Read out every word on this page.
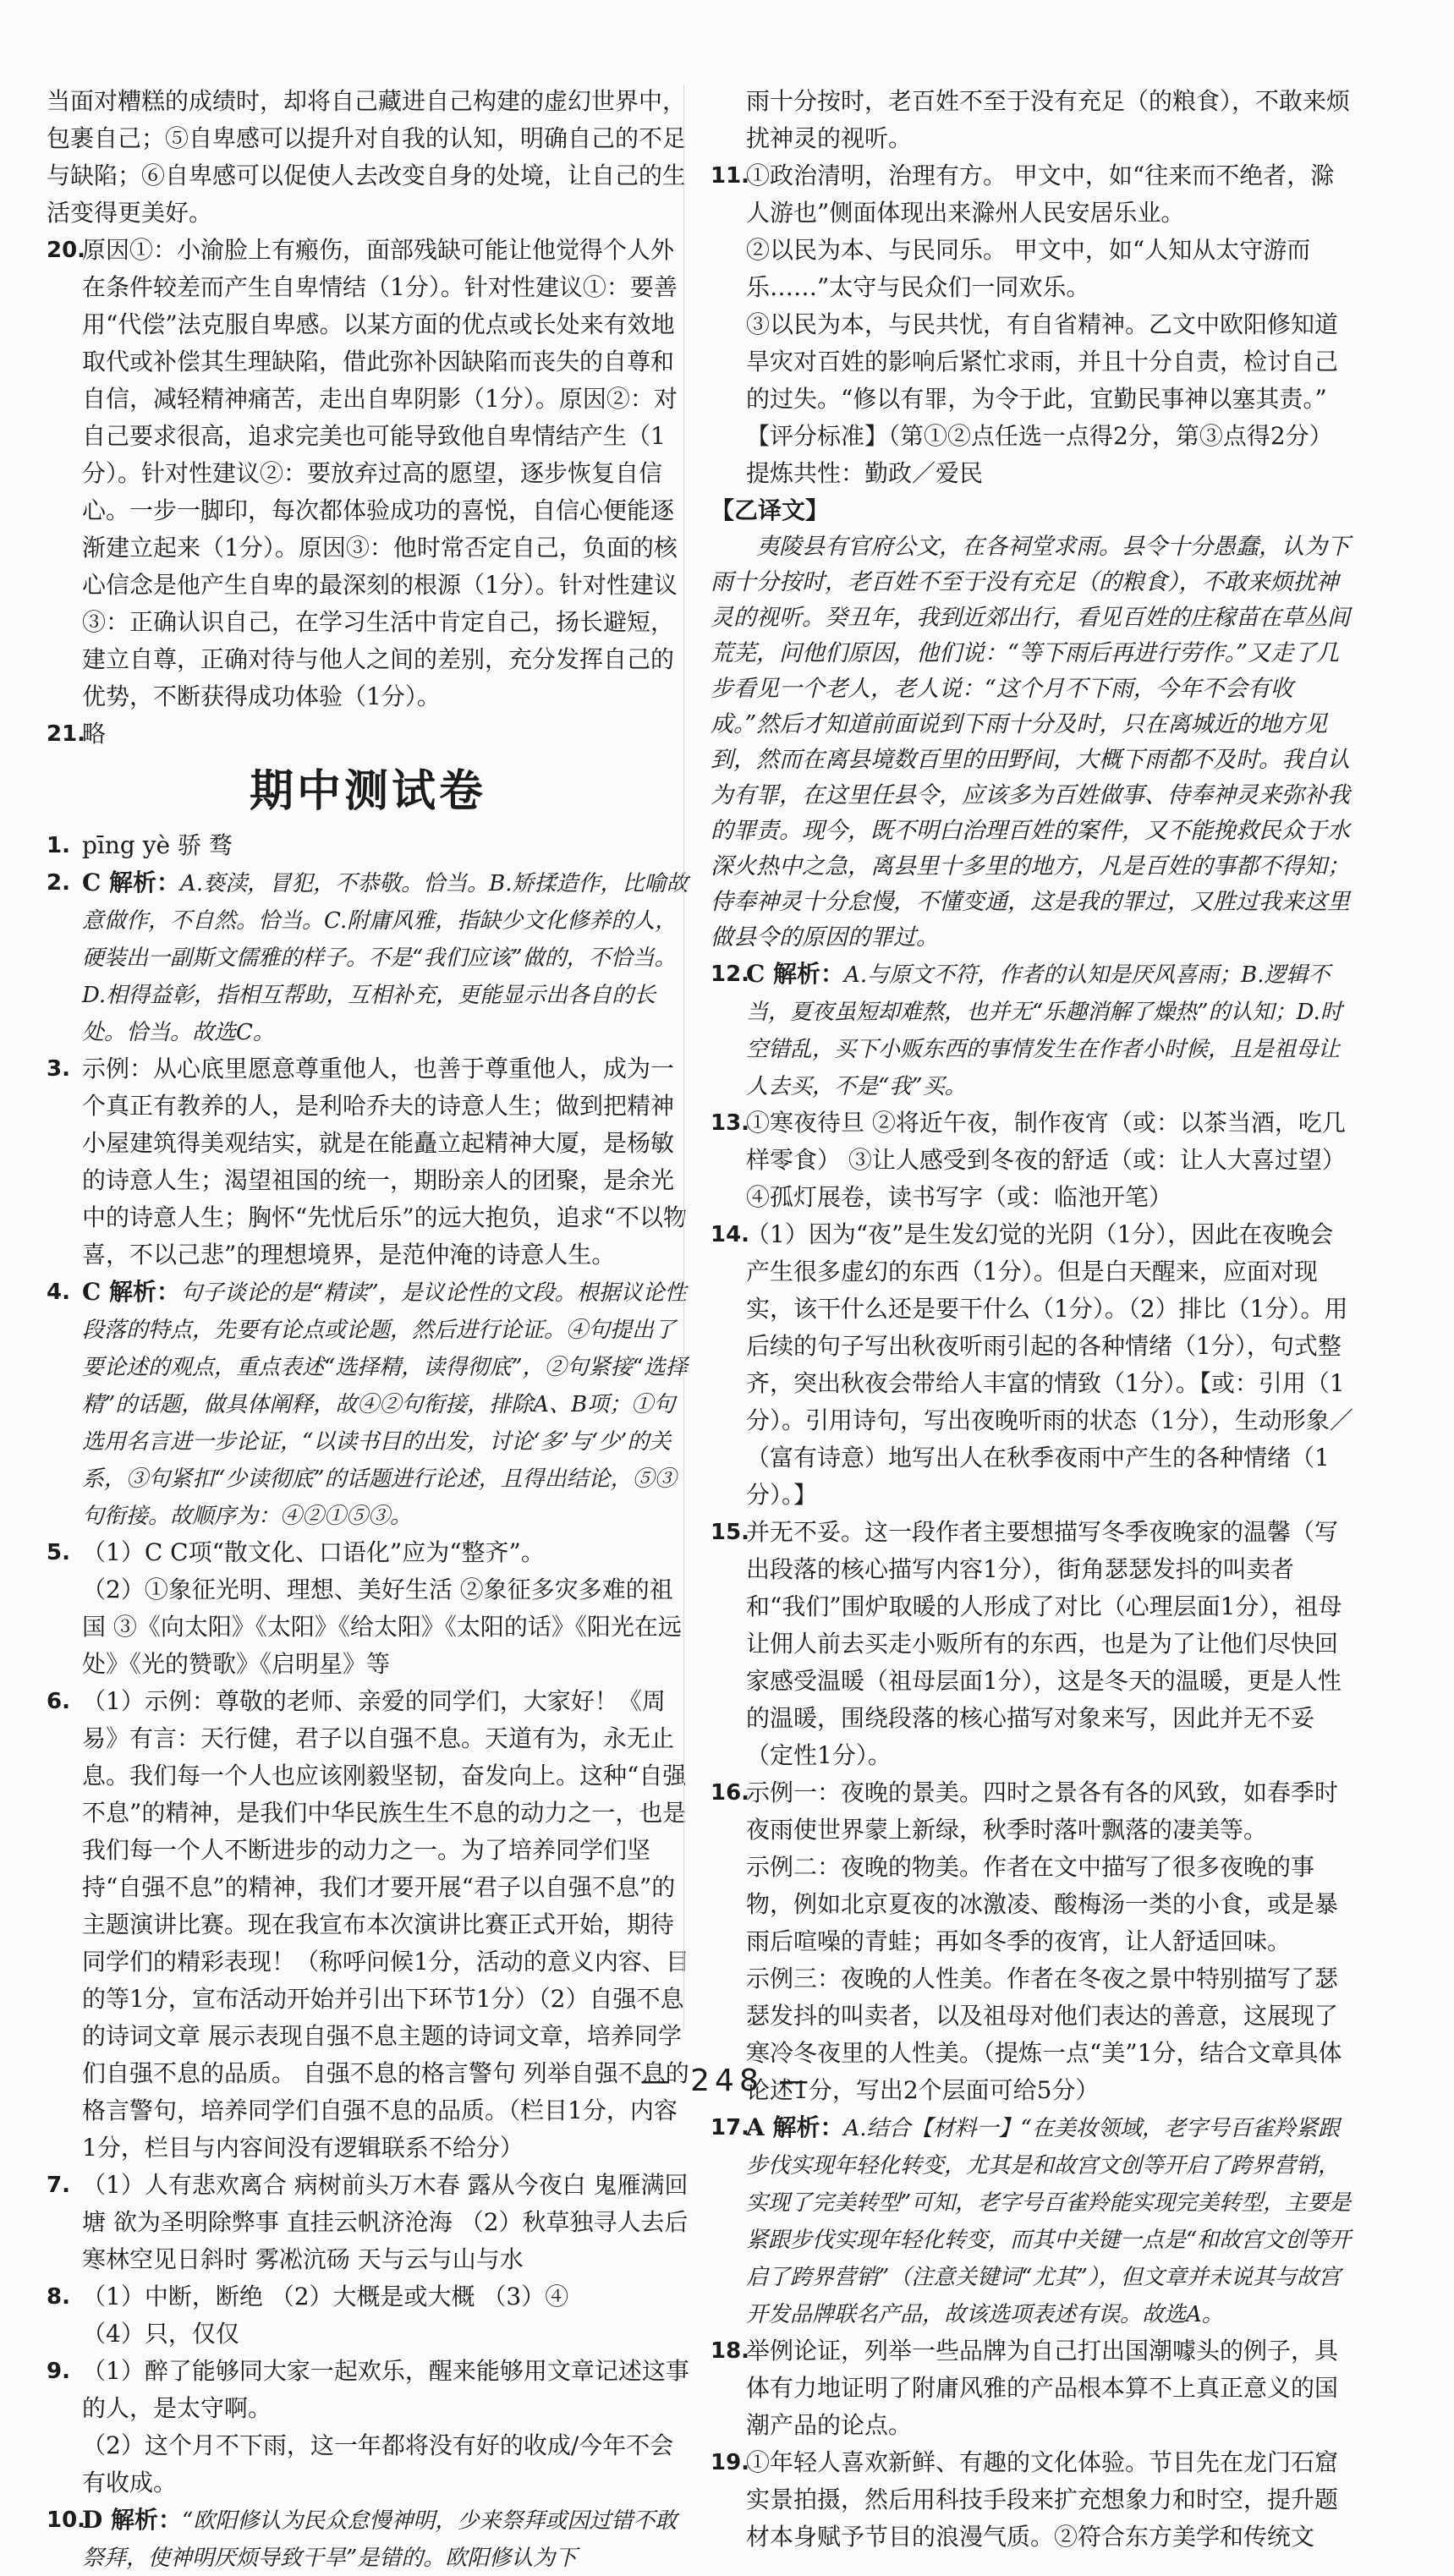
当面对糟糕的成绩时，却将自己藏进自己构建的虚幻世界中，包裹自己；⑤自卑感可以提升对自我的认知，明确自己的不足与缺陷；⑥自卑感可以促使人去改变自身的处境，让自己的生活变得更美好。

20.
原因①：小渝脸上有瘢伤，面部残缺可能让他觉得个人外在条件较差而产生自卑情结（1分）。针对性建议①：要善用“代偿”法克服自卑感。以某方面的优点或长处来有效地取代或补偿其生理缺陷，借此弥补因缺陷而丧失的自尊和自信，减轻精神痛苦，走出自卑阴影（1分）。原因②：对自己要求很高，追求完美也可能导致他自卑情结产生（1分）。针对性建议②：要放弃过高的愿望，逐步恢复自信心。一步一脚印，每次都体验成功的喜悦，自信心便能逐渐建立起来（1分）。原因③：他时常否定自己，负面的核心信念是他产生自卑的最深刻的根源（1分）。针对性建议③：正确认识自己，在学习生活中肯定自己，扬长避短，建立自尊，正确对待与他人之间的差别，充分发挥自己的优势，不断获得成功体验（1分）。
21.
略
期中测试卷
1. pīng yè 骄 骛
2. C 解析：A.亵渎，冒犯，不恭敬。恰当。B.矫揉造作，比喻故意做作，不自然。恰当。C.附庸风雅，指缺少文化修养的人，硬装出一副斯文儒雅的样子。不是“我们应该”做的，不恰当。D.相得益彰，指相互帮助，互相补充，更能显示出各自的长处。恰当。故选C。
3. 示例：从心底里愿意尊重他人，也善于尊重他人，成为一个真正有教养的人，是利哈乔夫的诗意人生；做到把精神小屋建筑得美观结实，就是在能矗立起精神大厦，是杨敏的诗意人生；渴望祖国的统一，期盼亲人的团聚，是余光中的诗意人生；胸怀“先忧后乐”的远大抱负，追求“不以物喜，不以己悲”的理想境界，是范仲淹的诗意人生。
4. C 解析：句子谈论的是“精读”，是议论性的文段。根据议论性段落的特点，先要有论点或论题，然后进行论证。④句提出了要论述的观点，重点表述“选择精，读得彻底”，②句紧接“选择精”的话题，做具体阐释，故④②句衔接，排除A、B项；①句选用名言进一步论证，“以读书目的出发，讨论‘多’与‘少’的关系，③句紧扣“少读彻底”的话题进行论述，且得出结论，⑤③句衔接。故顺序为：④②①⑤③。
5. （1）C C项“散文化、口语化”应为“整齐”。
（2）①象征光明、理想、美好生活 ②象征多灾多难的祖国 ③《向太阳》《太阳》《给太阳》《太阳的话》《阳光在远处》《光的赞歌》《启明星》等
6. （1）示例：尊敬的老师、亲爱的同学们，大家好！《周易》有言：天行健，君子以自强不息。天道有为，永无止息。我们每一个人也应该刚毅坚韧，奋发向上。这种“自强不息”的精神，是我们中华民族生生不息的动力之一，也是我们每一个人不断进步的动力之一。为了培养同学们坚持“自强不息”的精神，我们才要开展“君子以自强不息”的主题演讲比赛。现在我宣布本次演讲比赛正式开始，期待同学们的精彩表现！（称呼问候1分，活动的意义内容、目的等1分，宣布活动开始并引出下环节1分）（2）自强不息的诗词文章 展示表现自强不息主题的诗词文章，培养同学们自强不息的品质。 自强不息的格言警句 列举自强不息的格言警句，培养同学们自强不息的品质。（栏目1分，内容1分，栏目与内容间没有逻辑联系不给分）
7. （1）人有悲欢离合 病树前头万木春 露从今夜白 鬼雁满回塘 欲为圣明除弊事 直挂云帆济沧海 （2）秋草独寻人去后 寒林空见日斜时 雾凇沆砀 天与云与山与水
8. （1）中断，断绝 （2）大概是或大概 （3）④
（4）只，仅仅
9. （1）醉了能够同大家一起欢乐，醒来能够用文章记述这事的人，是太守啊。
（2）这个月不下雨，这一年都将没有好的收成/今年不会有收成。
10.
D 解析：“欧阳修认为民众怠慢神明，少来祭拜或因过错不敢祭拜，使神明厌烦导致干旱”是错的。欧阳修认为下

雨十分按时，老百姓不至于没有充足（的粮食），不敢来烦扰神灵的视听。

11.
①政治清明，治理有方。 甲文中，如“往来而不绝者，滁人游也”侧面体现出来滁州人民安居乐业。
②以民为本、与民同乐。 甲文中，如“人知从太守游而乐……”太守与民众们一同欢乐。
③以民为本，与民共忧，有自省精神。乙文中欧阳修知道旱灾对百姓的影响后紧忙求雨，并且十分自责，检讨自己的过失。“修以有罪，为令于此，宜勤民事神以塞其责。”
【评分标准】（第①②点任选一点得2分，第③点得2分）
提炼共性：勤政／爱民
【乙译文】

夷陵县有官府公文，在各祠堂求雨。县令十分愚蠢，认为下雨十分按时，老百姓不至于没有充足（的粮食），不敢来烦扰神灵的视听。癸丑年，我到近郊出行，看见百姓的庄稼苗在草丛间荒芜，问他们原因，他们说：“等下雨后再进行劳作。”又走了几步看见一个老人，老人说：“这个月不下雨，今年不会有收成。”然后才知道前面说到下雨十分及时，只在离城近的地方见到，然而在离县境数百里的田野间，大概下雨都不及时。我自认为有罪，在这里任县令，应该多为百姓做事、侍奉神灵来弥补我的罪责。现今，既不明白治理百姓的案件，又不能挽救民众于水深火热中之急，离县里十多里的地方，凡是百姓的事都不得知；侍奉神灵十分怠慢，不懂变通，这是我的罪过，又胜过我来这里做县令的原因的罪过。

12.
C 解析：A.与原文不符，作者的认知是厌风喜雨；B.逻辑不当，夏夜虽短却难熬，也并无“乐趣消解了燥热”的认知；D.时空错乱，买下小贩东西的事情发生在作者小时候，且是祖母让人去买，不是“我”买。
13.
①寒夜待旦 ②将近午夜，制作夜宵（或：以茶当酒，吃几样零食） ③让人感受到冬夜的舒适（或：让人大喜过望） ④孤灯展卷，读书写字（或：临池开笔）
14.
（1）因为“夜”是生发幻觉的光阴（1分），因此在夜晚会产生很多虚幻的东西（1分）。但是白天醒来，应面对现实，该干什么还是要干什么（1分）。（2）排比（1分）。用后续的句子写出秋夜听雨引起的各种情绪（1分），句式整齐，突出秋夜会带给人丰富的情致（1分）。【或：引用（1分）。引用诗句，写出夜晚听雨的状态（1分），生动形象／（富有诗意）地写出人在秋季夜雨中产生的各种情绪（1分）。】
15.
并无不妥。这一段作者主要想描写冬季夜晚家的温馨（写出段落的核心描写内容1分），街角瑟瑟发抖的叫卖者和“我们”围炉取暖的人形成了对比（心理层面1分），祖母让佣人前去买走小贩所有的东西，也是为了让他们尽快回家感受温暖（祖母层面1分），这是冬天的温暖，更是人性的温暖，围绕段落的核心描写对象来写，因此并无不妥（定性1分）。
16.
示例一：夜晚的景美。四时之景各有各的风致，如春季时夜雨使世界蒙上新绿，秋季时落叶飘落的凄美等。
示例二：夜晚的物美。作者在文中描写了很多夜晚的事物，例如北京夏夜的冰激凌、酸梅汤一类的小食，或是暴雨后喧噪的青蛙；再如冬季的夜宵，让人舒适回味。
示例三：夜晚的人性美。作者在冬夜之景中特别描写了瑟瑟发抖的叫卖者，以及祖母对他们表达的善意，这展现了寒冷冬夜里的人性美。（提炼一点“美”1分，结合文章具体论述1分，写出2个层面可给5分）
17.
A 解析：A.结合【材料一】“在美妆领域，老字号百雀羚紧跟步伐实现年轻化转变，尤其是和故宫文创等开启了跨界营销，实现了完美转型”可知，老字号百雀羚能实现完美转型，主要是紧跟步伐实现年轻化转变，而其中关键一点是“和故宫文创等开启了跨界营销”（注意关键词“尤其”），但文章并未说其与故宫开发品牌联名产品，故该选项表述有误。故选A。
18.
举例论证，列举一些品牌为自己打出国潮噱头的例子，具体有力地证明了附庸风雅的产品根本算不上真正意义的国潮产品的论点。
19.
①年轻人喜欢新鲜、有趣的文化体验。节目先在龙门石窟实景拍摄，然后用科技手段来扩充想象力和时空，提升题材本身赋予节目的浪漫气质。②符合东方美学和传统文
— 248 —
